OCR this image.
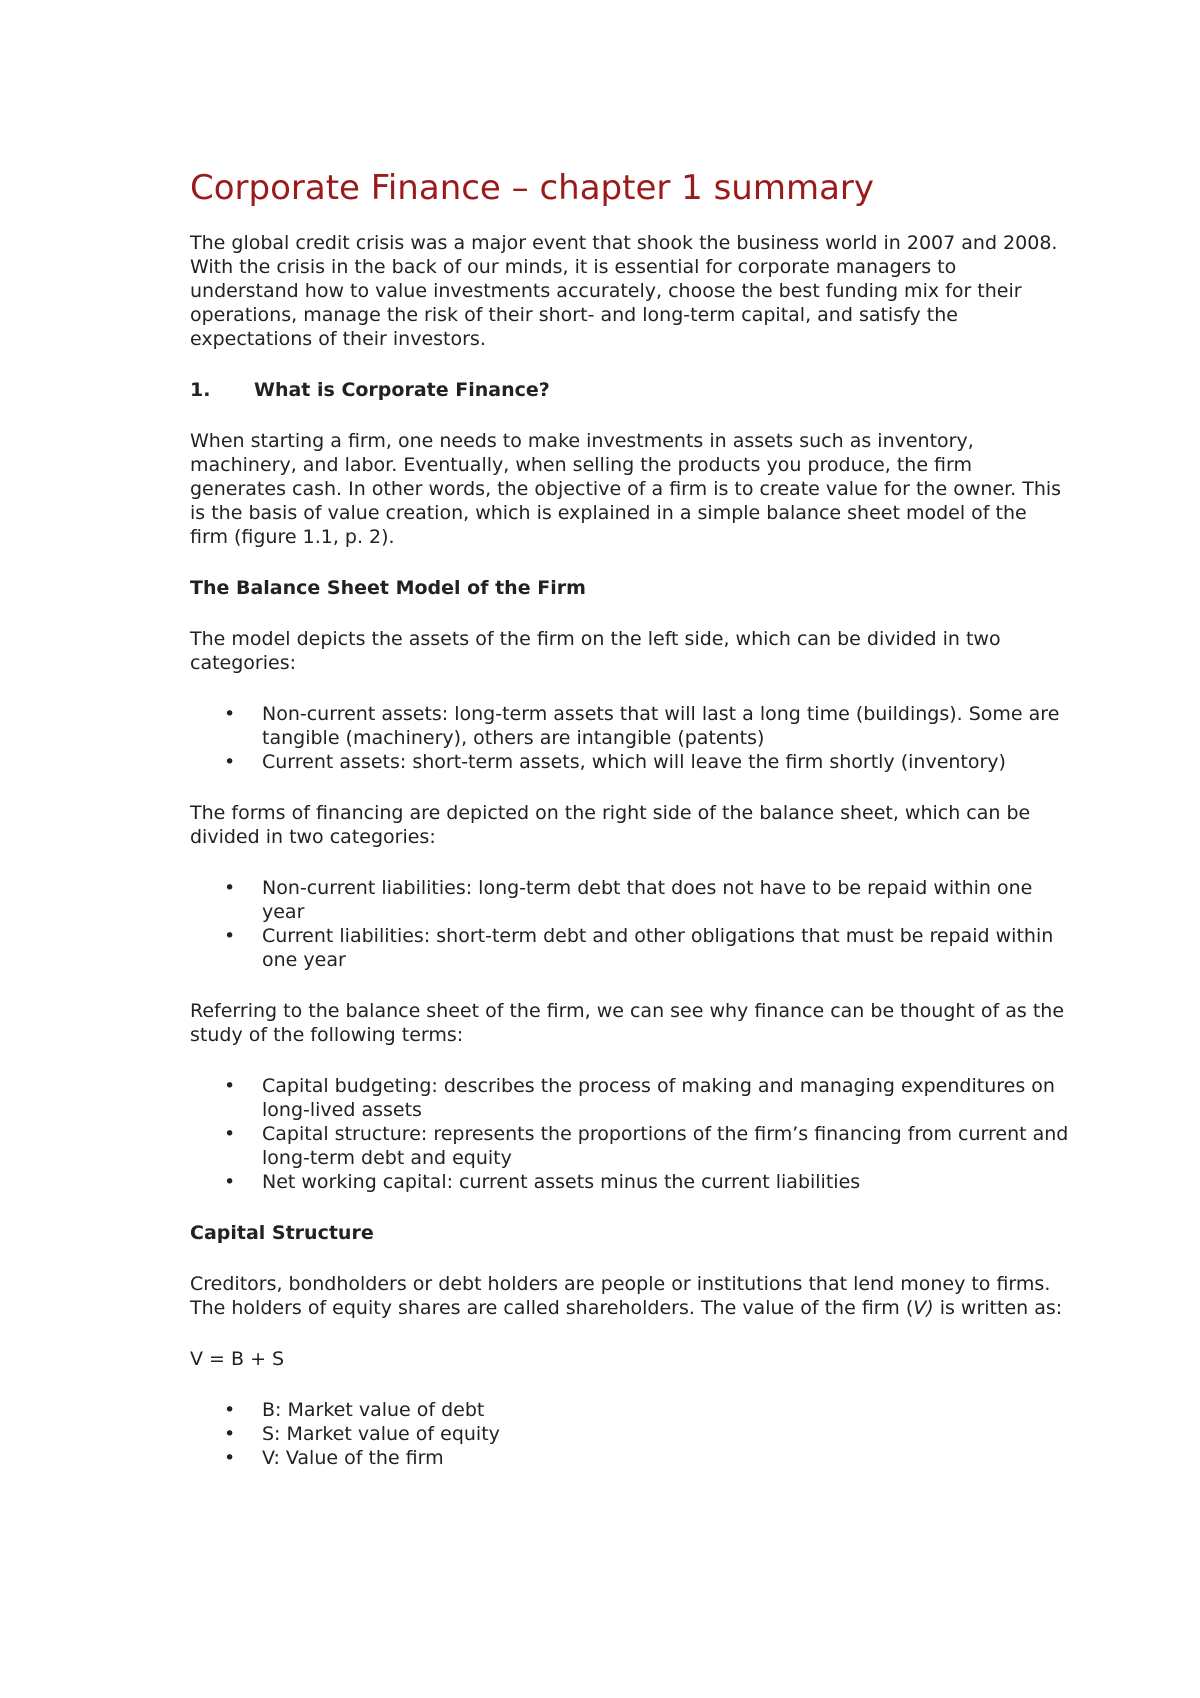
Corporate Finance – chapter 1 summary

The global credit crisis was a major event that shook the business world in 2007 and 2008. With the crisis in the back of our minds, it is essential for corporate managers to understand how to value investments accurately, choose the best funding mix for their operations, manage the risk of their short- and long-term capital, and satisfy the expectations of their investors.

1.	What is Corporate Finance?

When starting a firm, one needs to make investments in assets such as inventory, machinery, and labor. Eventually, when selling the products you produce, the firm generates cash. In other words, the objective of a firm is to create value for the owner. This is the basis of value creation, which is explained in a simple balance sheet model of the firm (figure 1.1, p. 2).

The Balance Sheet Model of the Firm

The model depicts the assets of the firm on the left side, which can be divided in two categories:

• Non-current assets: long-term assets that will last a long time (buildings). Some are tangible (machinery), others are intangible (patents)
• Current assets: short-term assets, which will leave the firm shortly (inventory)

The forms of financing are depicted on the right side of the balance sheet, which can be divided in two categories:

• Non-current liabilities: long-term debt that does not have to be repaid within one year
• Current liabilities: short-term debt and other obligations that must be repaid within one year

Referring to the balance sheet of the firm, we can see why finance can be thought of as the study of the following terms:

• Capital budgeting: describes the process of making and managing expenditures on long-lived assets
• Capital structure: represents the proportions of the firm’s financing from current and long-term debt and equity
• Net working capital: current assets minus the current liabilities
Capital Structure

Creditors, bondholders or debt holders are people or institutions that lend money to firms. The holders of equity shares are called shareholders. The value of the firm (V) is written as:

V = B + S
• B: Market value of debt
• S: Market value of equity
• V: Value of the firm
